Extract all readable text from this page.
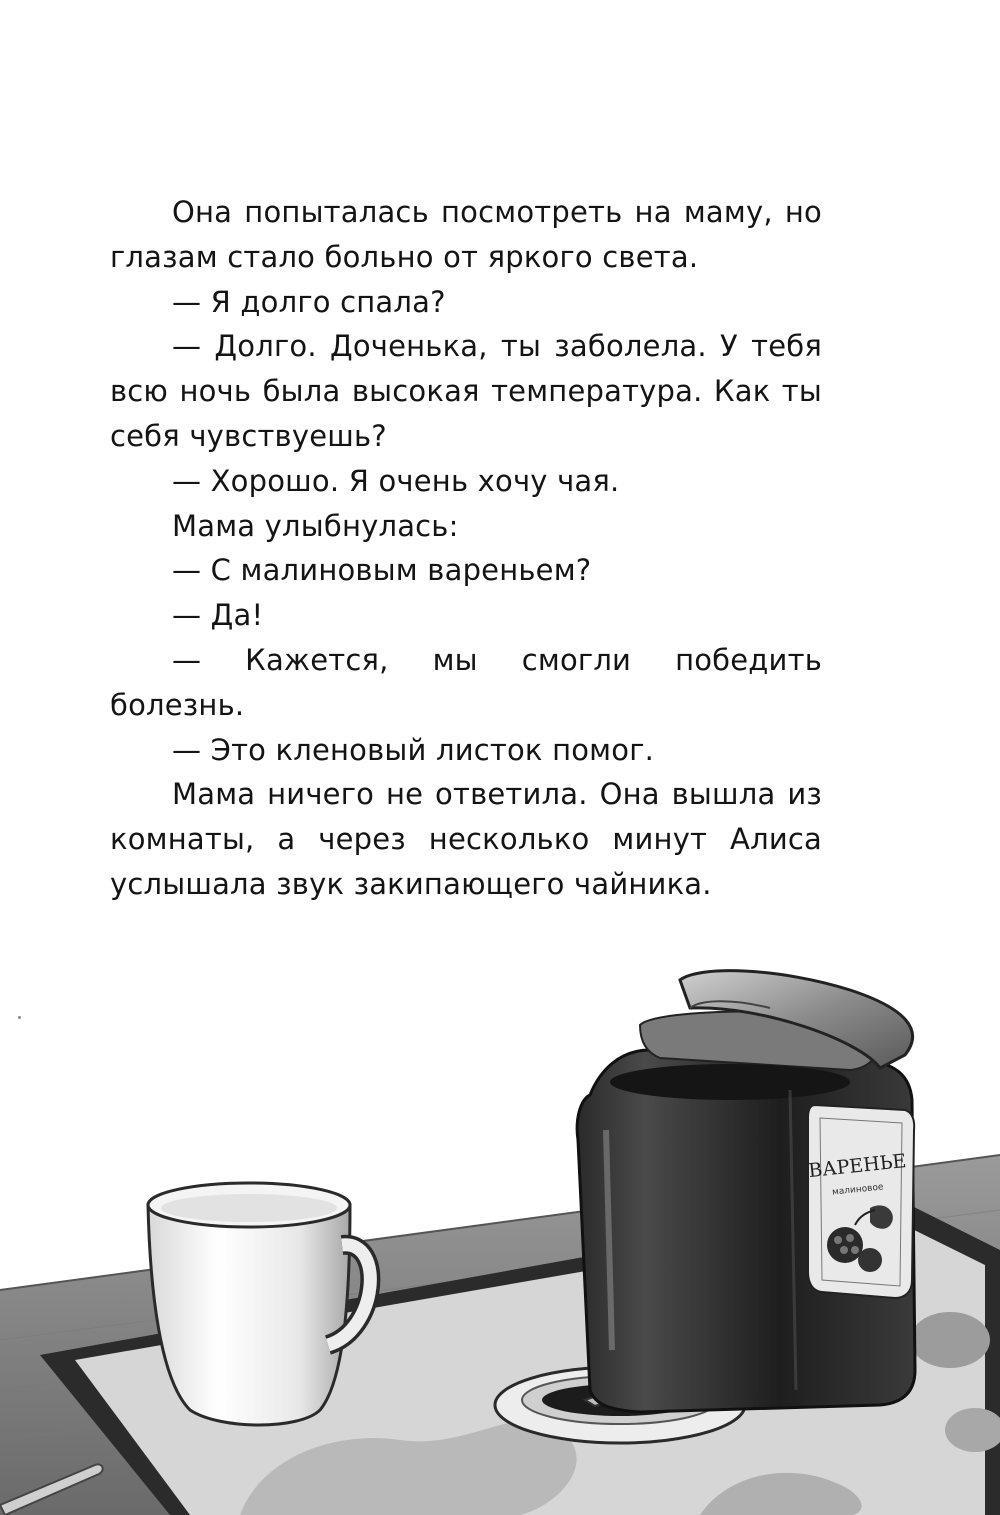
Она попыталась посмотреть на маму, но глазам стало больно от яркого света.

— Я долго спала?

— Долго. Доченька, ты заболела. У тебя всю ночь была высокая температура. Как ты себя чувствуешь?

— Хорошо. Я очень хочу чая.

Мама улыбнулась:

— С малиновым вареньем?

— Да!

— Кажется, мы смогли победить болезнь.

— Это кленовый листок помог.

Мама ничего не ответила. Она вышла из комнаты, а через несколько минут Алиса услышала звук закипающего чайника.

ВАРЕНЬЕ
малиновое
